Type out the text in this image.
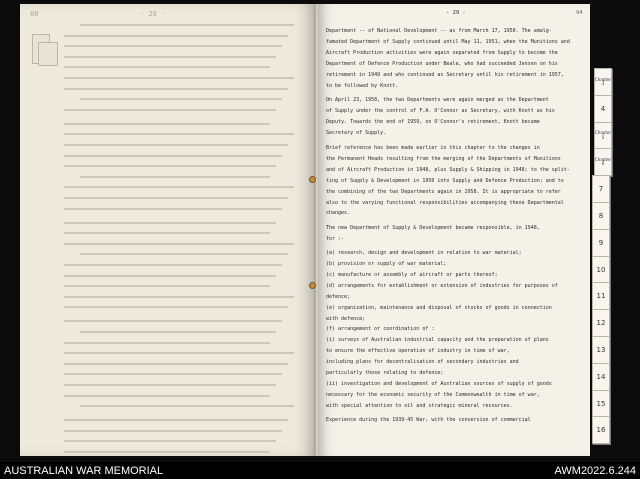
88	- 28 -	- 29 -	94
Department -- of National Development -- as from March 17, 1950. The amalg-
famated Department of Supply continued until May 11, 1951, when the Munitions and
Aircraft Production activities were again separated from Supply to become the
Department of Defence Production under Beale, who had succeeded Jensen on his
retirement in 1949 and who continued as Secretary until his retirement in 1957,
to be followed by Knott.
On April 23, 1958, the two Departments were again merged as the Department
of Supply under the control of F.A. O'Connor as Secretary, with Knott as his
Deputy. Towards the end of 1959, on O'Connor's retirement, Knott became
Secretary of Supply.
Brief reference has been made earlier in this chapter to the changes in
the Permanent Heads resulting from the merging of the Departments of Munitions
and of Aircraft Production in 1948, plus Supply & Shipping in 1948; to the split-
ting of Supply & Development in 1950 into Supply and Defence Production; and to
the combining of the two Departments again in 1958. It is appropriate to refer
also to the varying functional responsibilities accompanying these Departmental
changes.
The new Department of Supply & Development became responsible, in 1948,
for :-
(a) research, design and development in relation to war material;
(b) provision or supply of war material;
(c) manufacture or assembly of aircraft or parts thereof;
(d) arrangements for establishment or extension of industries for purposes of
defence;
(e) organization, maintenance and disposal of stocks of goods in connection
with defence;
(f) arrangement or coordination of :
(i) surveys of Australian industrial capacity and the preparation of plans
to ensure the effective operation of industry in time of war,
including plans for decentralisation of secondary industries and
particularly those relating to defence;
(ii) investigation and development of Australian sources of supply of goods
necessary for the economic security of the Commonwealth in time of war,
with special attention to oil and strategic mineral resources.
Experience during the 1939-45 War, with the conversion of commercial
Chapter 3
4
Chapter 5
Chapter 6
7
8
9
10
11
12
13
14
15
16
AUSTRALIAN WAR MEMORIAL	AWM2022.6.244
